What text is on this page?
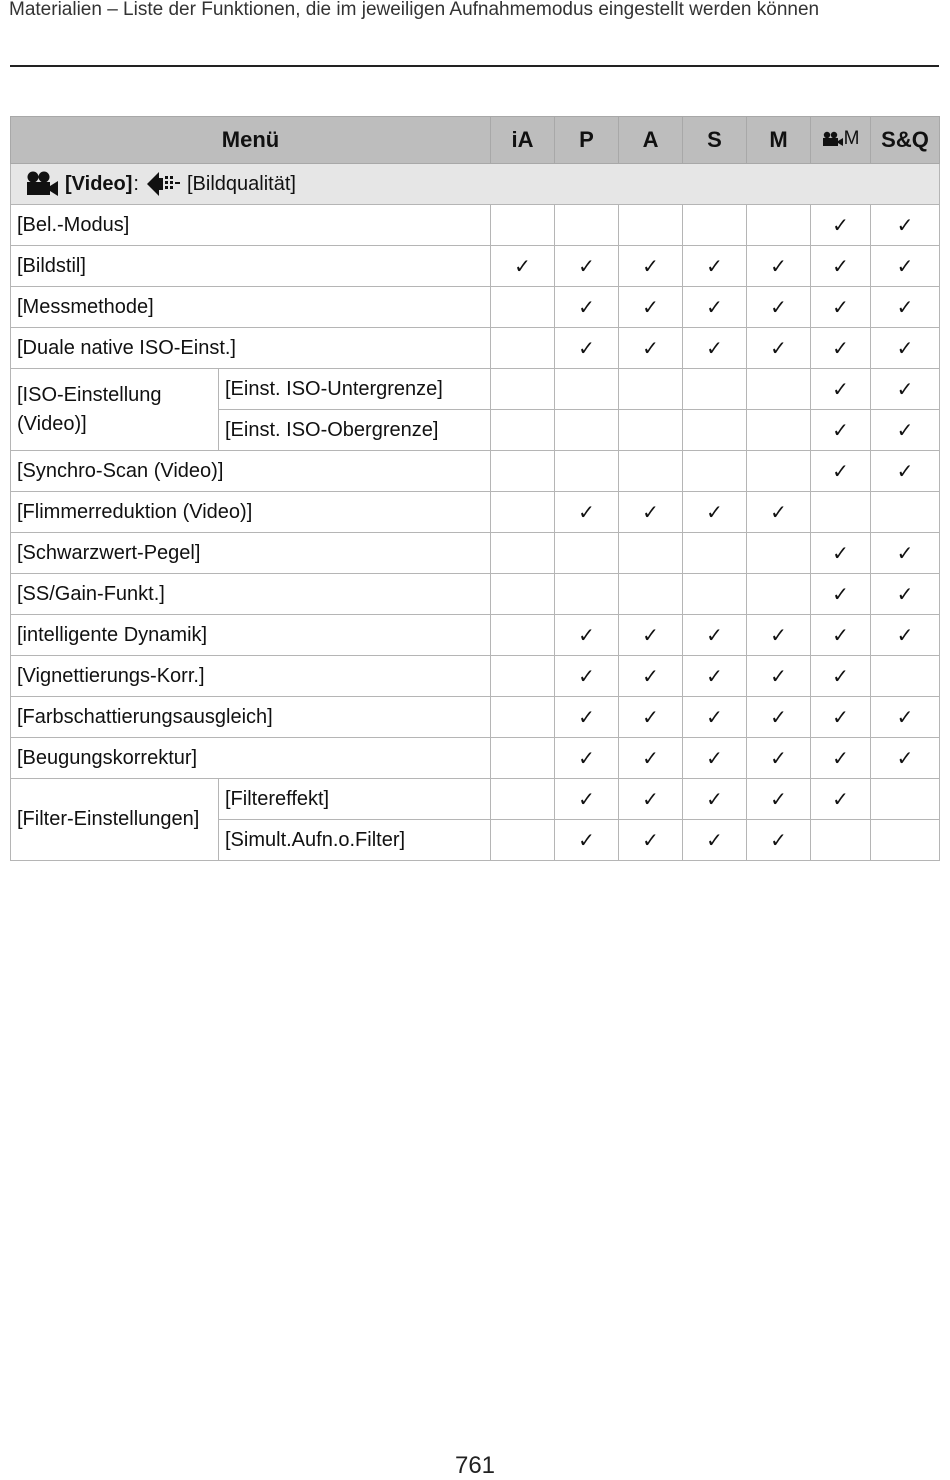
Materialien – Liste der Funktionen, die im jeweiligen Aufnahmemodus eingestellt werden können
Menü		iA	P	A	S	M	M	S&Q

[Video] : [Bildqualität]								

[Bel.-Modus]							✓	✓
[Bildstil]		✓	✓	✓	✓	✓	✓	✓
[Messmethode]			✓	✓	✓	✓	✓	✓
[Duale native ISO-Einst.]			✓	✓	✓	✓	✓	✓
[ISO-Einstellung (Video)]	[Einst. ISO-Untergrenze]						✓	✓
	[Einst. ISO-Obergrenze]						✓	✓
[Synchro-Scan (Video)]							✓	✓
[Flimmerreduktion (Video)]			✓	✓	✓	✓		
[Schwarzwert-Pegel]							✓	✓
[SS/Gain-Funkt.]							✓	✓
[intelligente Dynamik]			✓	✓	✓	✓	✓	✓
[Vignettierungs-Korr.]			✓	✓	✓	✓	✓	
[Farbschattierungsausgleich]			✓	✓	✓	✓	✓	✓
[Beugungskorrektur]			✓	✓	✓	✓	✓	✓
[Filter-Einstellungen]	[Filtereffekt]		✓	✓	✓	✓	✓	
	[Simult.Aufn.o.Filter]		✓	✓	✓	✓		
761
